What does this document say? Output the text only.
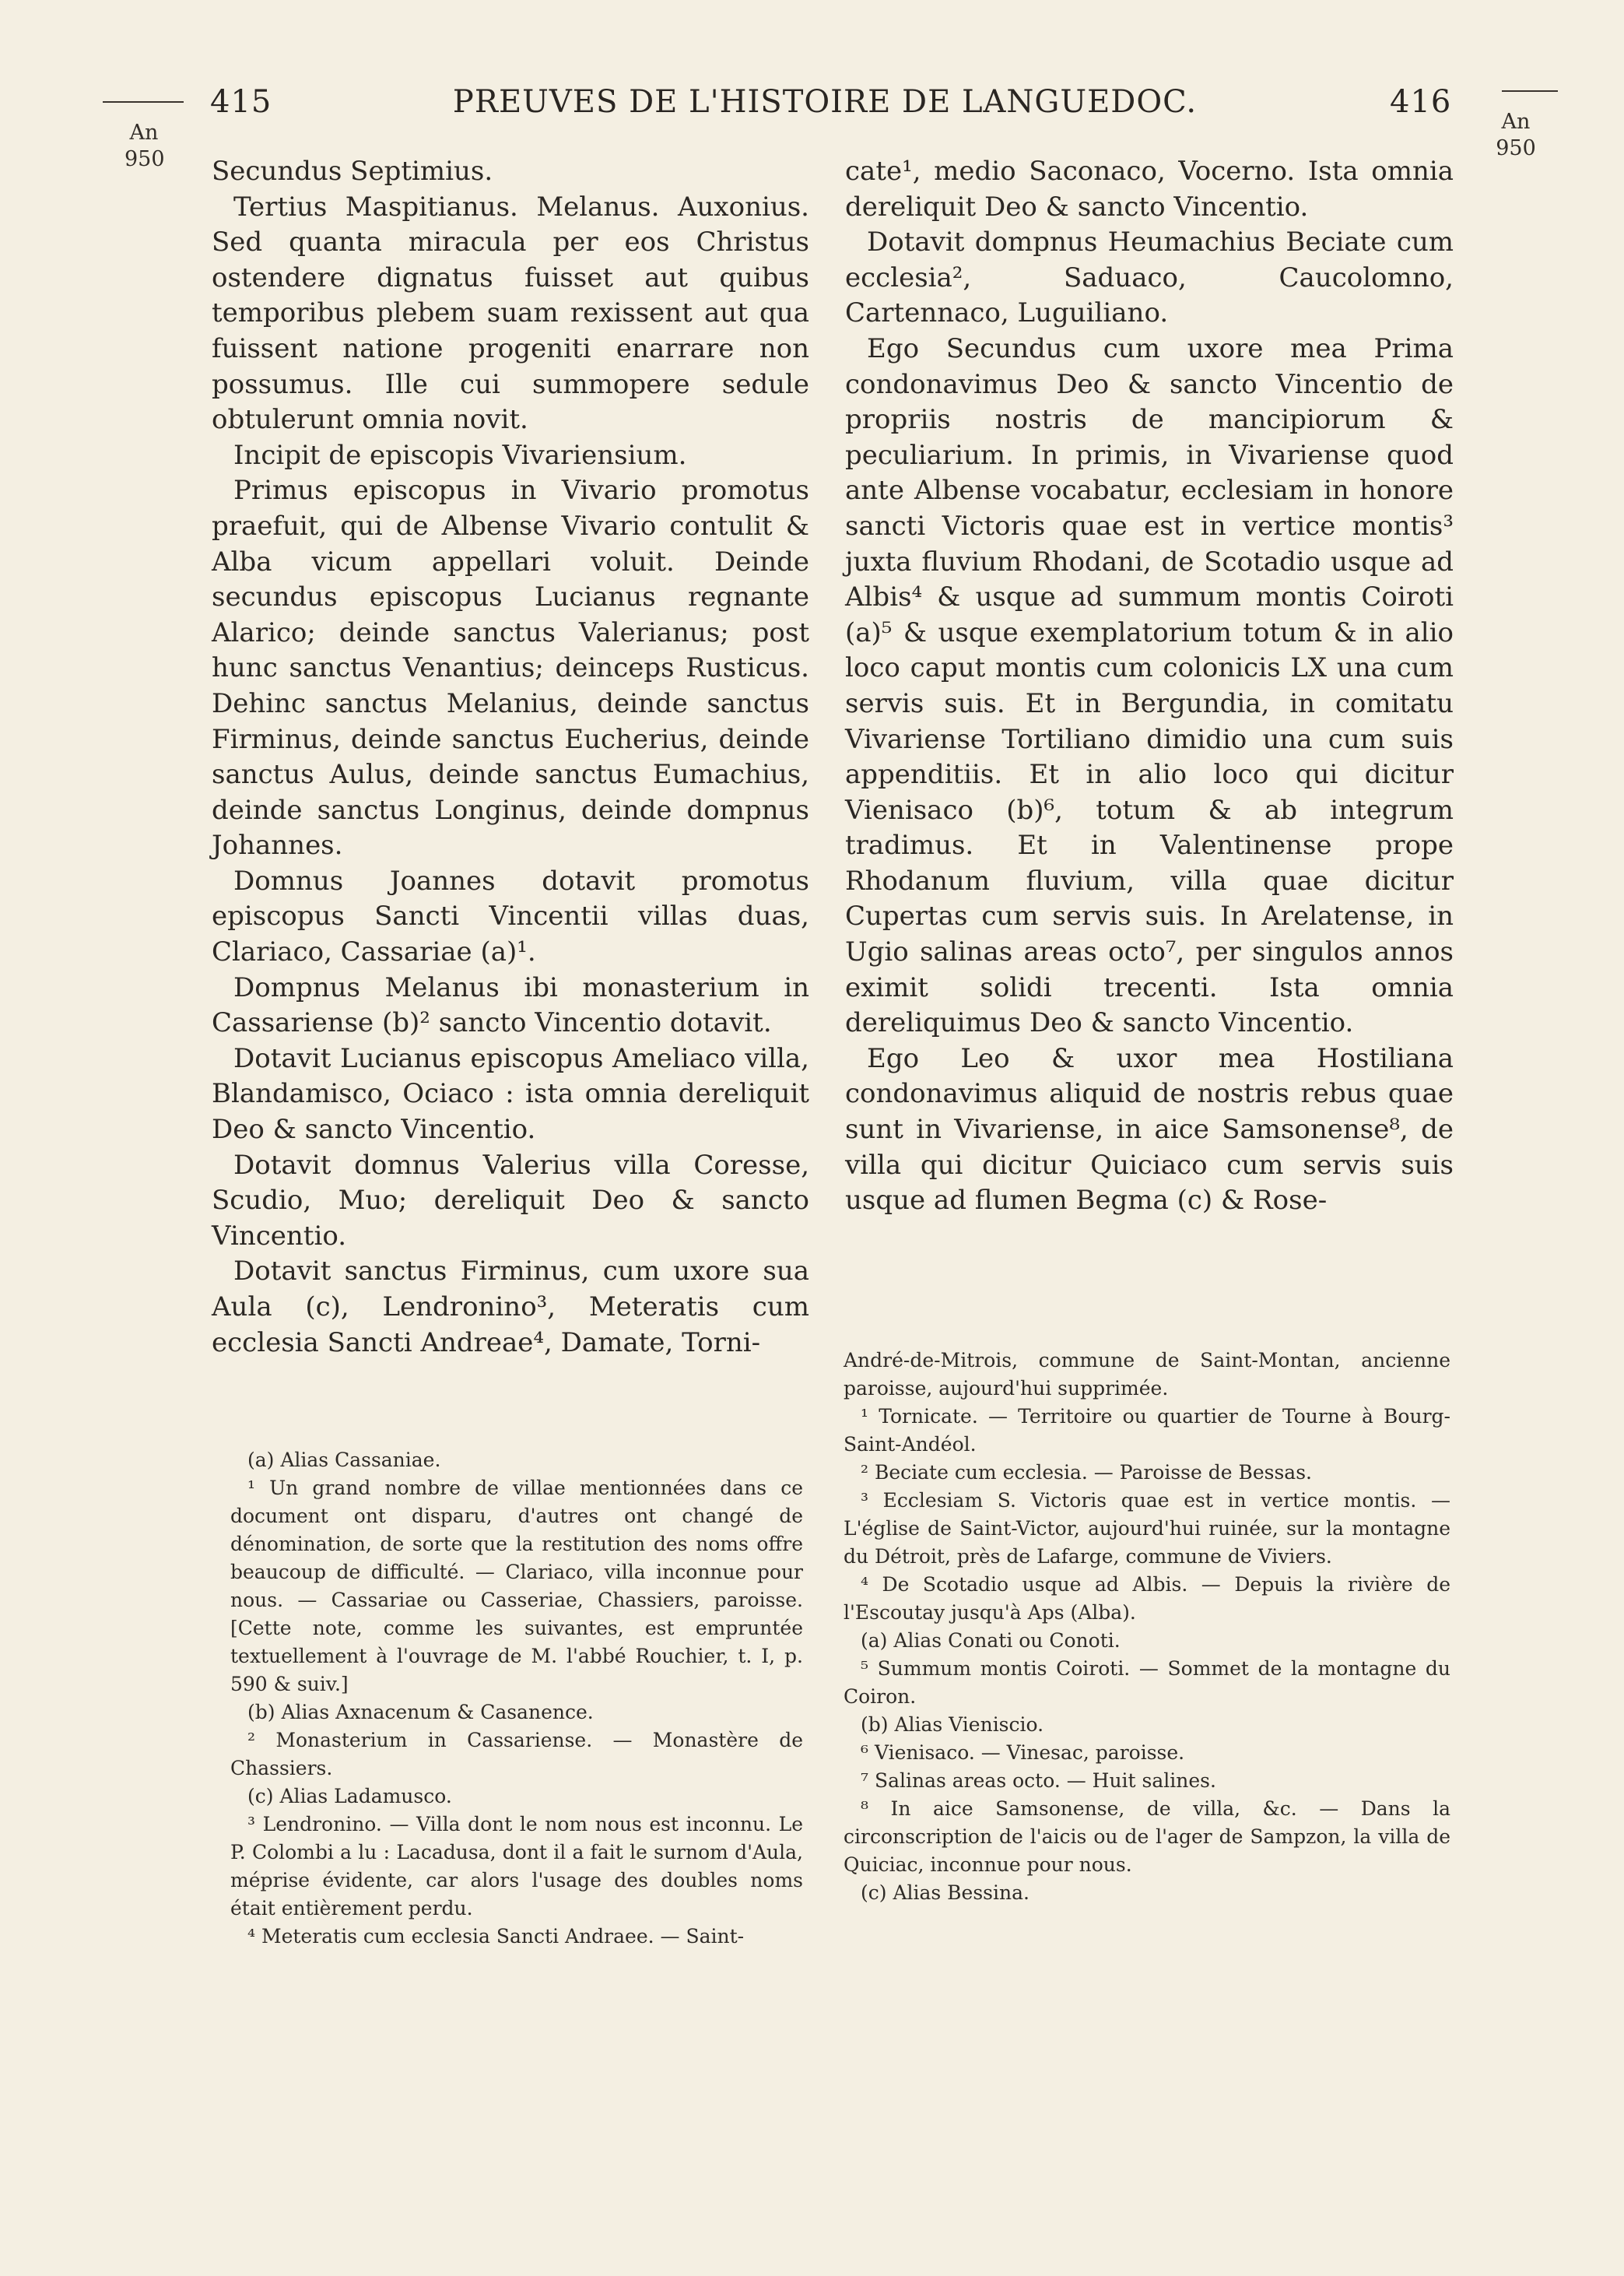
An
950
An
950
415	PREUVES DE L'HISTOIRE DE LANGUEDOC.	416

Secundus Septimius.

Tertius Maspitianus. Melanus. Auxonius. Sed quanta miracula per eos Christus ostendere dignatus fuisset aut quibus temporibus plebem suam rexissent aut qua fuissent natione progeniti enarrare non possumus. Ille cui summopere sedule obtulerunt omnia novit.

Incipit de episcopis Vivariensium.

Primus episcopus in Vivario promotus praefuit, qui de Albense Vivario contulit & Alba vicum appellari voluit. Deinde secundus episcopus Lucianus regnante Alarico; deinde sanctus Valerianus; post hunc sanctus Venantius; deinceps Rusticus. Dehinc sanctus Melanius, deinde sanctus Firminus, deinde sanctus Eucherius, deinde sanctus Aulus, deinde sanctus Eumachius, deinde sanctus Longinus, deinde dompnus Johannes.

Domnus Joannes dotavit promotus episcopus Sancti Vincentii villas duas, Clariaco, Cassariae (a)¹.

Dompnus Melanus ibi monasterium in Cassariense (b)² sancto Vincentio dotavit.

Dotavit Lucianus episcopus Ameliaco villa, Blandamisco, Ociaco : ista omnia dereliquit Deo & sancto Vincentio.

Dotavit domnus Valerius villa Coresse, Scudio, Muo; dereliquit Deo & sancto Vincentio.

Dotavit sanctus Firminus, cum uxore sua Aula (c), Lendronino³, Meteratis cum ecclesia Sancti Andreae⁴, Damate, Torni-

cate¹, medio Saconaco, Vocerno. Ista omnia dereliquit Deo & sancto Vincentio.

Dotavit dompnus Heumachius Beciate cum ecclesia², Saduaco, Caucolomno, Cartennaco, Luguiliano.

Ego Secundus cum uxore mea Prima condonavimus Deo & sancto Vincentio de propriis nostris de mancipiorum & peculiarium. In primis, in Vivariense quod ante Albense vocabatur, ecclesiam in honore sancti Victoris quae est in vertice montis³ juxta fluvium Rhodani, de Scotadio usque ad Albis⁴ & usque ad summum montis Coiroti (a)⁵ & usque exemplatorium totum & in alio loco caput montis cum colonicis LX una cum servis suis. Et in Bergundia, in comitatu Vivariense Tortiliano dimidio una cum suis appenditiis. Et in alio loco qui dicitur Vienisaco (b)⁶, totum & ab integrum tradimus. Et in Valentinense prope Rhodanum fluvium, villa quae dicitur Cupertas cum servis suis. In Arelatense, in Ugio salinas areas octo⁷, per singulos annos eximit solidi trecenti. Ista omnia dereliquimus Deo & sancto Vincentio.

Ego Leo & uxor mea Hostiliana condonavimus aliquid de nostris rebus quae sunt in Vivariense, in aice Samsonense⁸, de villa qui dicitur Quiciaco cum servis suis usque ad flumen Begma (c) & Rose-

(a) Alias Cassaniae.

¹ Un grand nombre de villae mentionnées dans ce document ont disparu, d'autres ont changé de dénomination, de sorte que la restitution des noms offre beaucoup de difficulté. — Clariaco, villa inconnue pour nous. — Cassariae ou Casseriae, Chassiers, paroisse. [Cette note, comme les suivantes, est empruntée textuellement à l'ouvrage de M. l'abbé Rouchier, t. I, p. 590 & suiv.]

(b) Alias Axnacenum & Casanence.

² Monasterium in Cassariense. — Monastère de Chassiers.

(c) Alias Ladamusco.

³ Lendronino. — Villa dont le nom nous est inconnu. Le P. Colombi a lu : Lacadusa, dont il a fait le surnom d'Aula, méprise évidente, car alors l'usage des doubles noms était entièrement perdu.

⁴ Meteratis cum ecclesia Sancti Andraee. — Saint-

André-de-Mitrois, commune de Saint-Montan, ancienne paroisse, aujourd'hui supprimée.

¹ Tornicate. — Territoire ou quartier de Tourne à Bourg-Saint-Andéol.

² Beciate cum ecclesia. — Paroisse de Bessas.

³ Ecclesiam S. Victoris quae est in vertice montis. — L'église de Saint-Victor, aujourd'hui ruinée, sur la montagne du Détroit, près de Lafarge, commune de Viviers.

⁴ De Scotadio usque ad Albis. — Depuis la rivière de l'Escoutay jusqu'à Aps (Alba).

(a) Alias Conati ou Conoti.

⁵ Summum montis Coiroti. — Sommet de la montagne du Coiron.

(b) Alias Vieniscio.

⁶ Vienisaco. — Vinesac, paroisse.

⁷ Salinas areas octo. — Huit salines.

⁸ In aice Samsonense, de villa, &c. — Dans la circonscription de l'aicis ou de l'ager de Sampzon, la villa de Quiciac, inconnue pour nous.

(c) Alias Bessina.
